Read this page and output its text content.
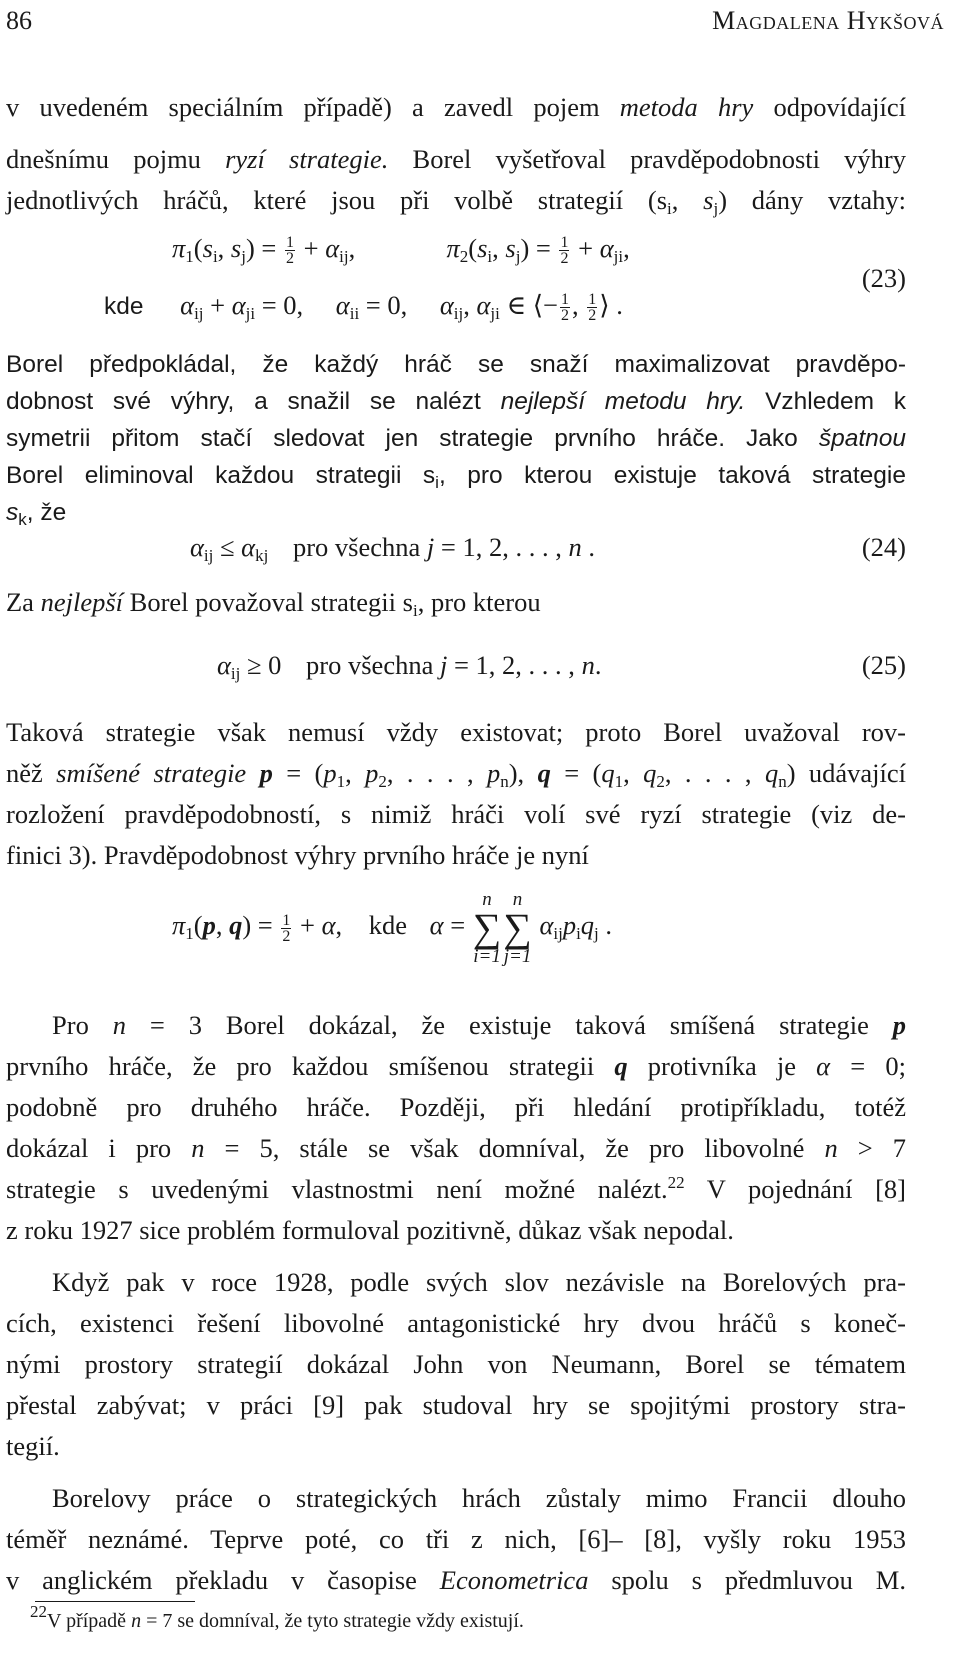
86	Magdalena Hykšová
v uvedeném speciálním případě) a zavedl pojem metoda hry odpovídající
dnešnímu pojmu ryzí strategie. Borel vyšetřoval pravděpodobnosti výhry
jednotlivých hráčů, které jsou při volbě strategií ($s_i$, $s_j$) dány vztahy:
$\pi_1(s_i$, $s_j) = \frac{1}{2} + \alpha_{ij}$,	$\pi_2(s_i$, $s_j) = \frac{1}{2} + \alpha_{ji}$,
(23)
kde $\alpha_{ij} + \alpha_{ji} = 0$, $\alpha_{ii} = 0$, $\alpha_{ij}$, $\alpha_{ji}$ ∈ ⟨− $\frac{1}{2}$ , $\frac{1}{2}$ ⟩ .
Borel předpokládal, že každý hráč se snaží maximalizovat pravděpo-
dobnost své výhry, a snažil se nalézt nejlepší metodu hry. Vzhledem k
symetrii přitom stačí sledovat jen strategie prvního hráče. Jako špatnou
Borel eliminoval každou strategii $s_i$, pro kterou existuje taková strategie
$s_k$, že
$\alpha_{ij} \le \alpha_{kj}$ pro všechna j = 1, 2, . . . , n .	(24)
Za nejlepší Borel považoval strategii $s_i$, pro kterou
$\alpha_{ij} \ge 0$ pro všechna j = 1, 2, . . . , n.	(25)
Taková strategie však nemusí vždy existovat; proto Borel uvažoval rov-
něž smíšené strategie $p = (p_1$, $p_2$, . . . , $p_n$), $q = (q_1$, $q_2$, . . . , $q_n$) udávající
rozložení pravděpodobností, s nimiž hráči volí své ryzí strategie (viz de-
finici 3). Pravděpodobnost výhry prvního hráče je nyní
$\pi_1(p$, $q) = \frac{1}{2} + \alpha$, kde α =
n
∑
i=1
n
∑
j=1
$\alpha_{ij}p_iq_j$ .
Pro n = 3 Borel dokázal, že existuje taková smíšená strategie p
prvního hráče, že pro každou smíšenou strategii q protivníka je α = 0;
podobně pro druhého hráče. Později, při hledání protipříkladu, totéž
dokázal i pro n = 5, stále se však domníval, že pro libovolné n > 7
strategie s uvedenými vlastnostmi není možné nalézt.$^{22}$ V pojednání [8]
z roku 1927 sice problém formuloval pozitivně, důkaz však nepodal.
Když pak v roce 1928, podle svých slov nezávisle na Borelových pra-
cích, existenci řešení libovolné antagonistické hry dvou hráčů s koneč-
nými prostory strategií dokázal John von Neumann, Borel se tématem
přestal zabývat; v práci [9] pak studoval hry se spojitými prostory stra-
tegií.
Borelovy práce o strategických hrách zůstaly mimo Francii dlouho
téměř neznámé. Teprve poté, co tři z nich, [6]– [8], vyšly roku 1953
v anglickém překladu v časopise Econometrica spolu s předmluvou M.
$^{22}$V případě n = 7 se domníval, že tyto strategie vždy existují.
